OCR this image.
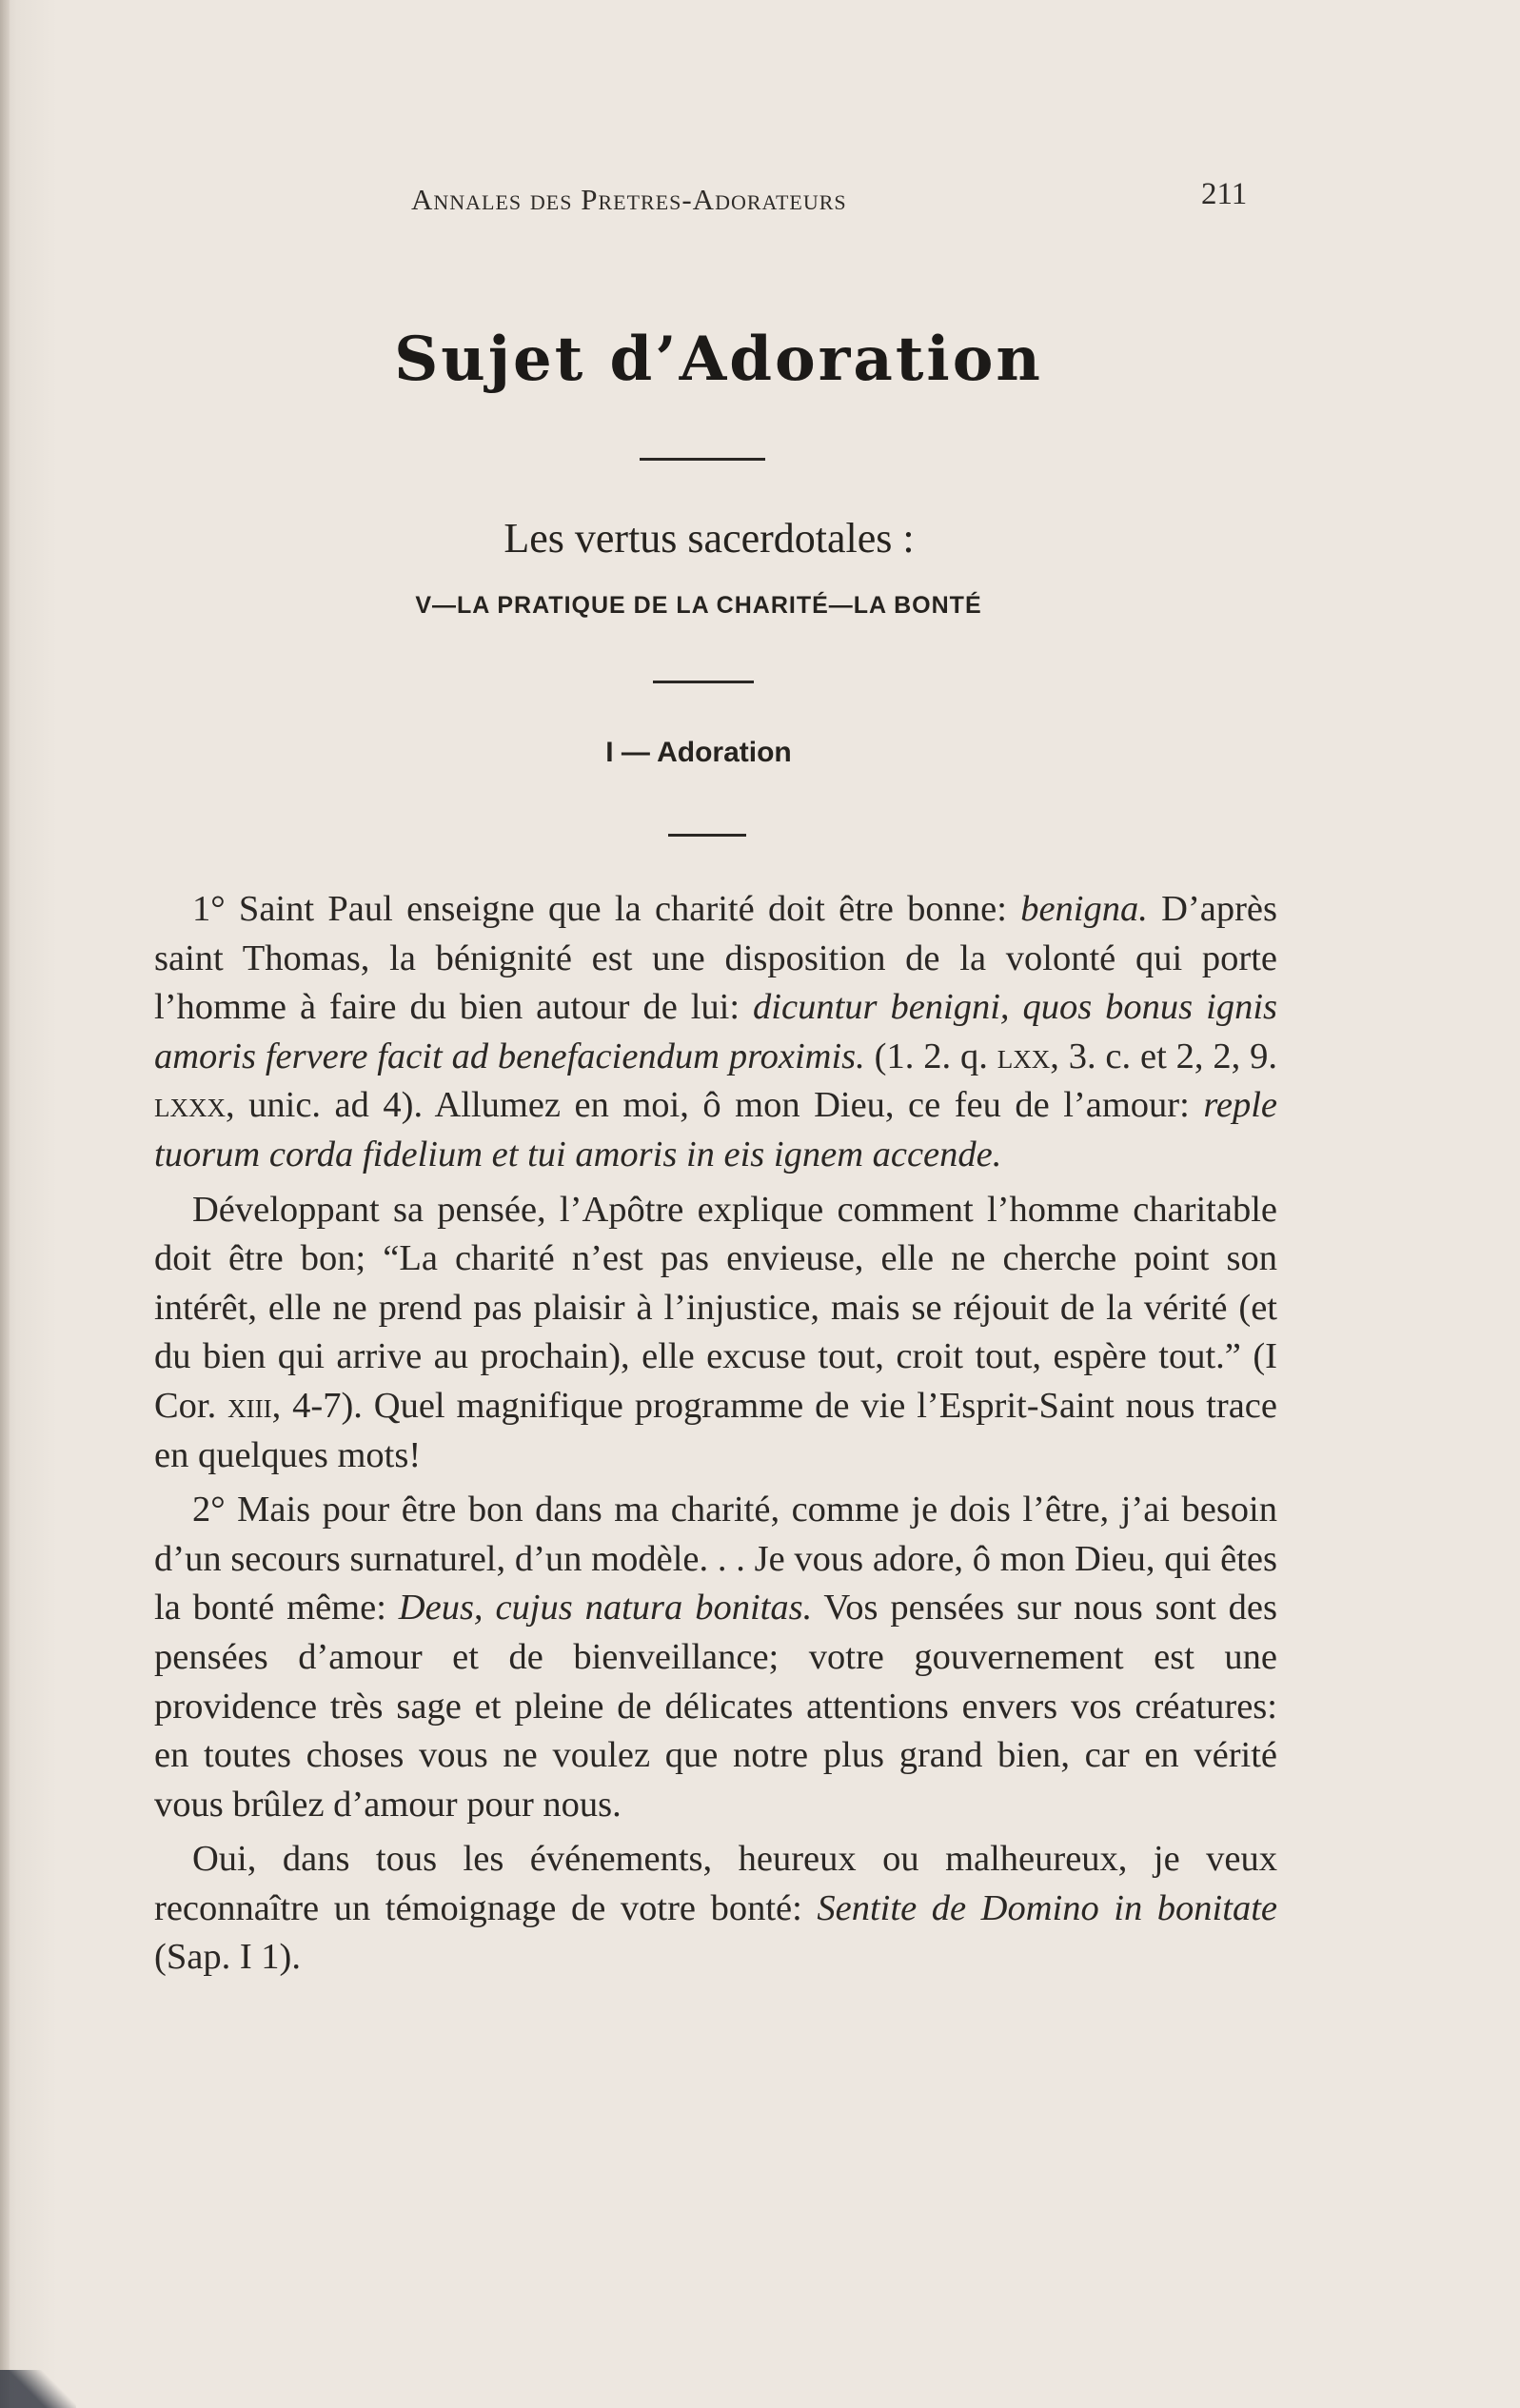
Annales des Pretres-Adorateurs	211
Sujet d’Adoration
Les vertus sacerdotales :
V—LA PRATIQUE DE LA CHARITÉ—LA BONTÉ
I — Adoration

1° Saint Paul enseigne que la charité doit être bonne: benigna. D’après saint Thomas, la bénignité est une disposition de la volonté qui porte l’homme à faire du bien autour de lui: dicuntur benigni, quos bonus ignis amoris fervere facit ad benefaciendum proximis. (1. 2. q. lxx, 3. c. et 2, 2, 9. lxxx, unic. ad 4). Allumez en moi, ô mon Dieu, ce feu de l’amour: reple tuorum corda fidelium et tui amoris in eis ignem accende.

Développant sa pensée, l’Apôtre explique comment l’homme charitable doit être bon; “La charité n’est pas envieuse, elle ne cherche point son intérêt, elle ne prend pas plaisir à l’injustice, mais se réjouit de la vérité (et du bien qui arrive au prochain), elle excuse tout, croit tout, espère tout.” (I Cor. xiii, 4-7). Quel magnifique programme de vie l’Esprit-Saint nous trace en quelques mots!

2° Mais pour être bon dans ma charité, comme je dois l’être, j’ai besoin d’un secours surnaturel, d’un modèle. . . Je vous adore, ô mon Dieu, qui êtes la bonté même: Deus, cujus natura bonitas. Vos pensées sur nous sont des pensées d’amour et de bienveillance; votre gouvernement est une providence très sage et pleine de délicates attentions envers vos créatures: en toutes choses vous ne voulez que notre plus grand bien, car en vérité vous brûlez d’amour pour nous.

Oui, dans tous les événements, heureux ou malheureux, je veux reconnaître un témoignage de votre bonté: Sentite de Domino in bonitate (Sap. I 1).
